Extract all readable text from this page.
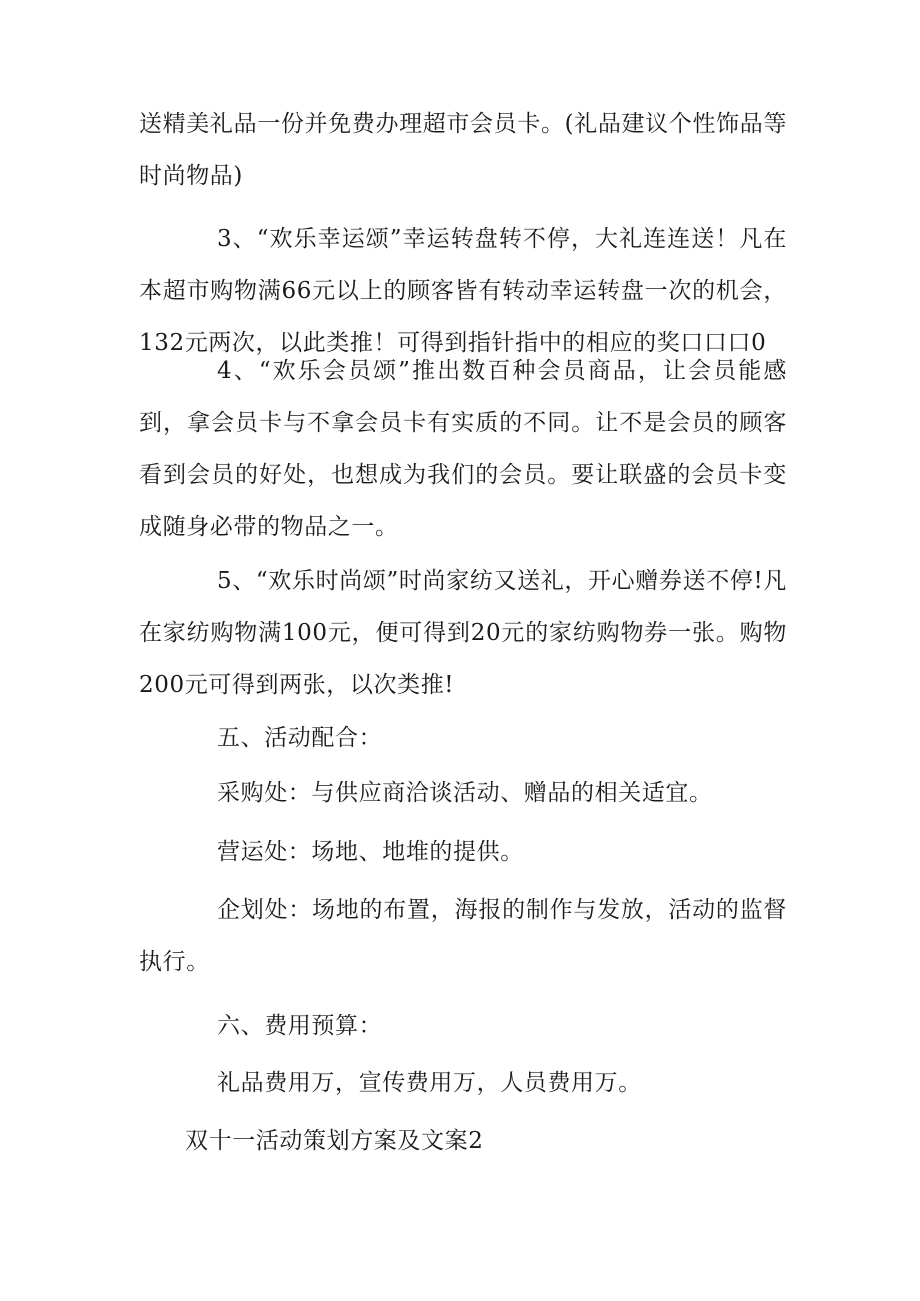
送精美礼品一份并免费办理超市会员卡。(礼品建议个性饰品等时尚物品)

3、“欢乐幸运颂”幸运转盘转不停，大礼连连送！凡在本超市购物满66元以上的顾客皆有转动幸运转盘一次的机会，132元两次，以此类推！可得到指针指中的相应的奖口口口0

4、“欢乐会员颂”推出数百种会员商品，让会员能感到，拿会员卡与不拿会员卡有实质的不同。让不是会员的顾客看到会员的好处，也想成为我们的会员。要让联盛的会员卡变成随身必带的物品之一。

5、“欢乐时尚颂”时尚家纺又送礼，开心赠券送不停!凡在家纺购物满100元，便可得到20元的家纺购物券一张。购物200元可得到两张，以次类推!

五、活动配合：

采购处：与供应商洽谈活动、赠品的相关适宜。

营运处：场地、地堆的提供。

企划处：场地的布置，海报的制作与发放，活动的监督执行。

六、费用预算：

礼品费用万，宣传费用万，人员费用万。

双十一活动策划方案及文案2
